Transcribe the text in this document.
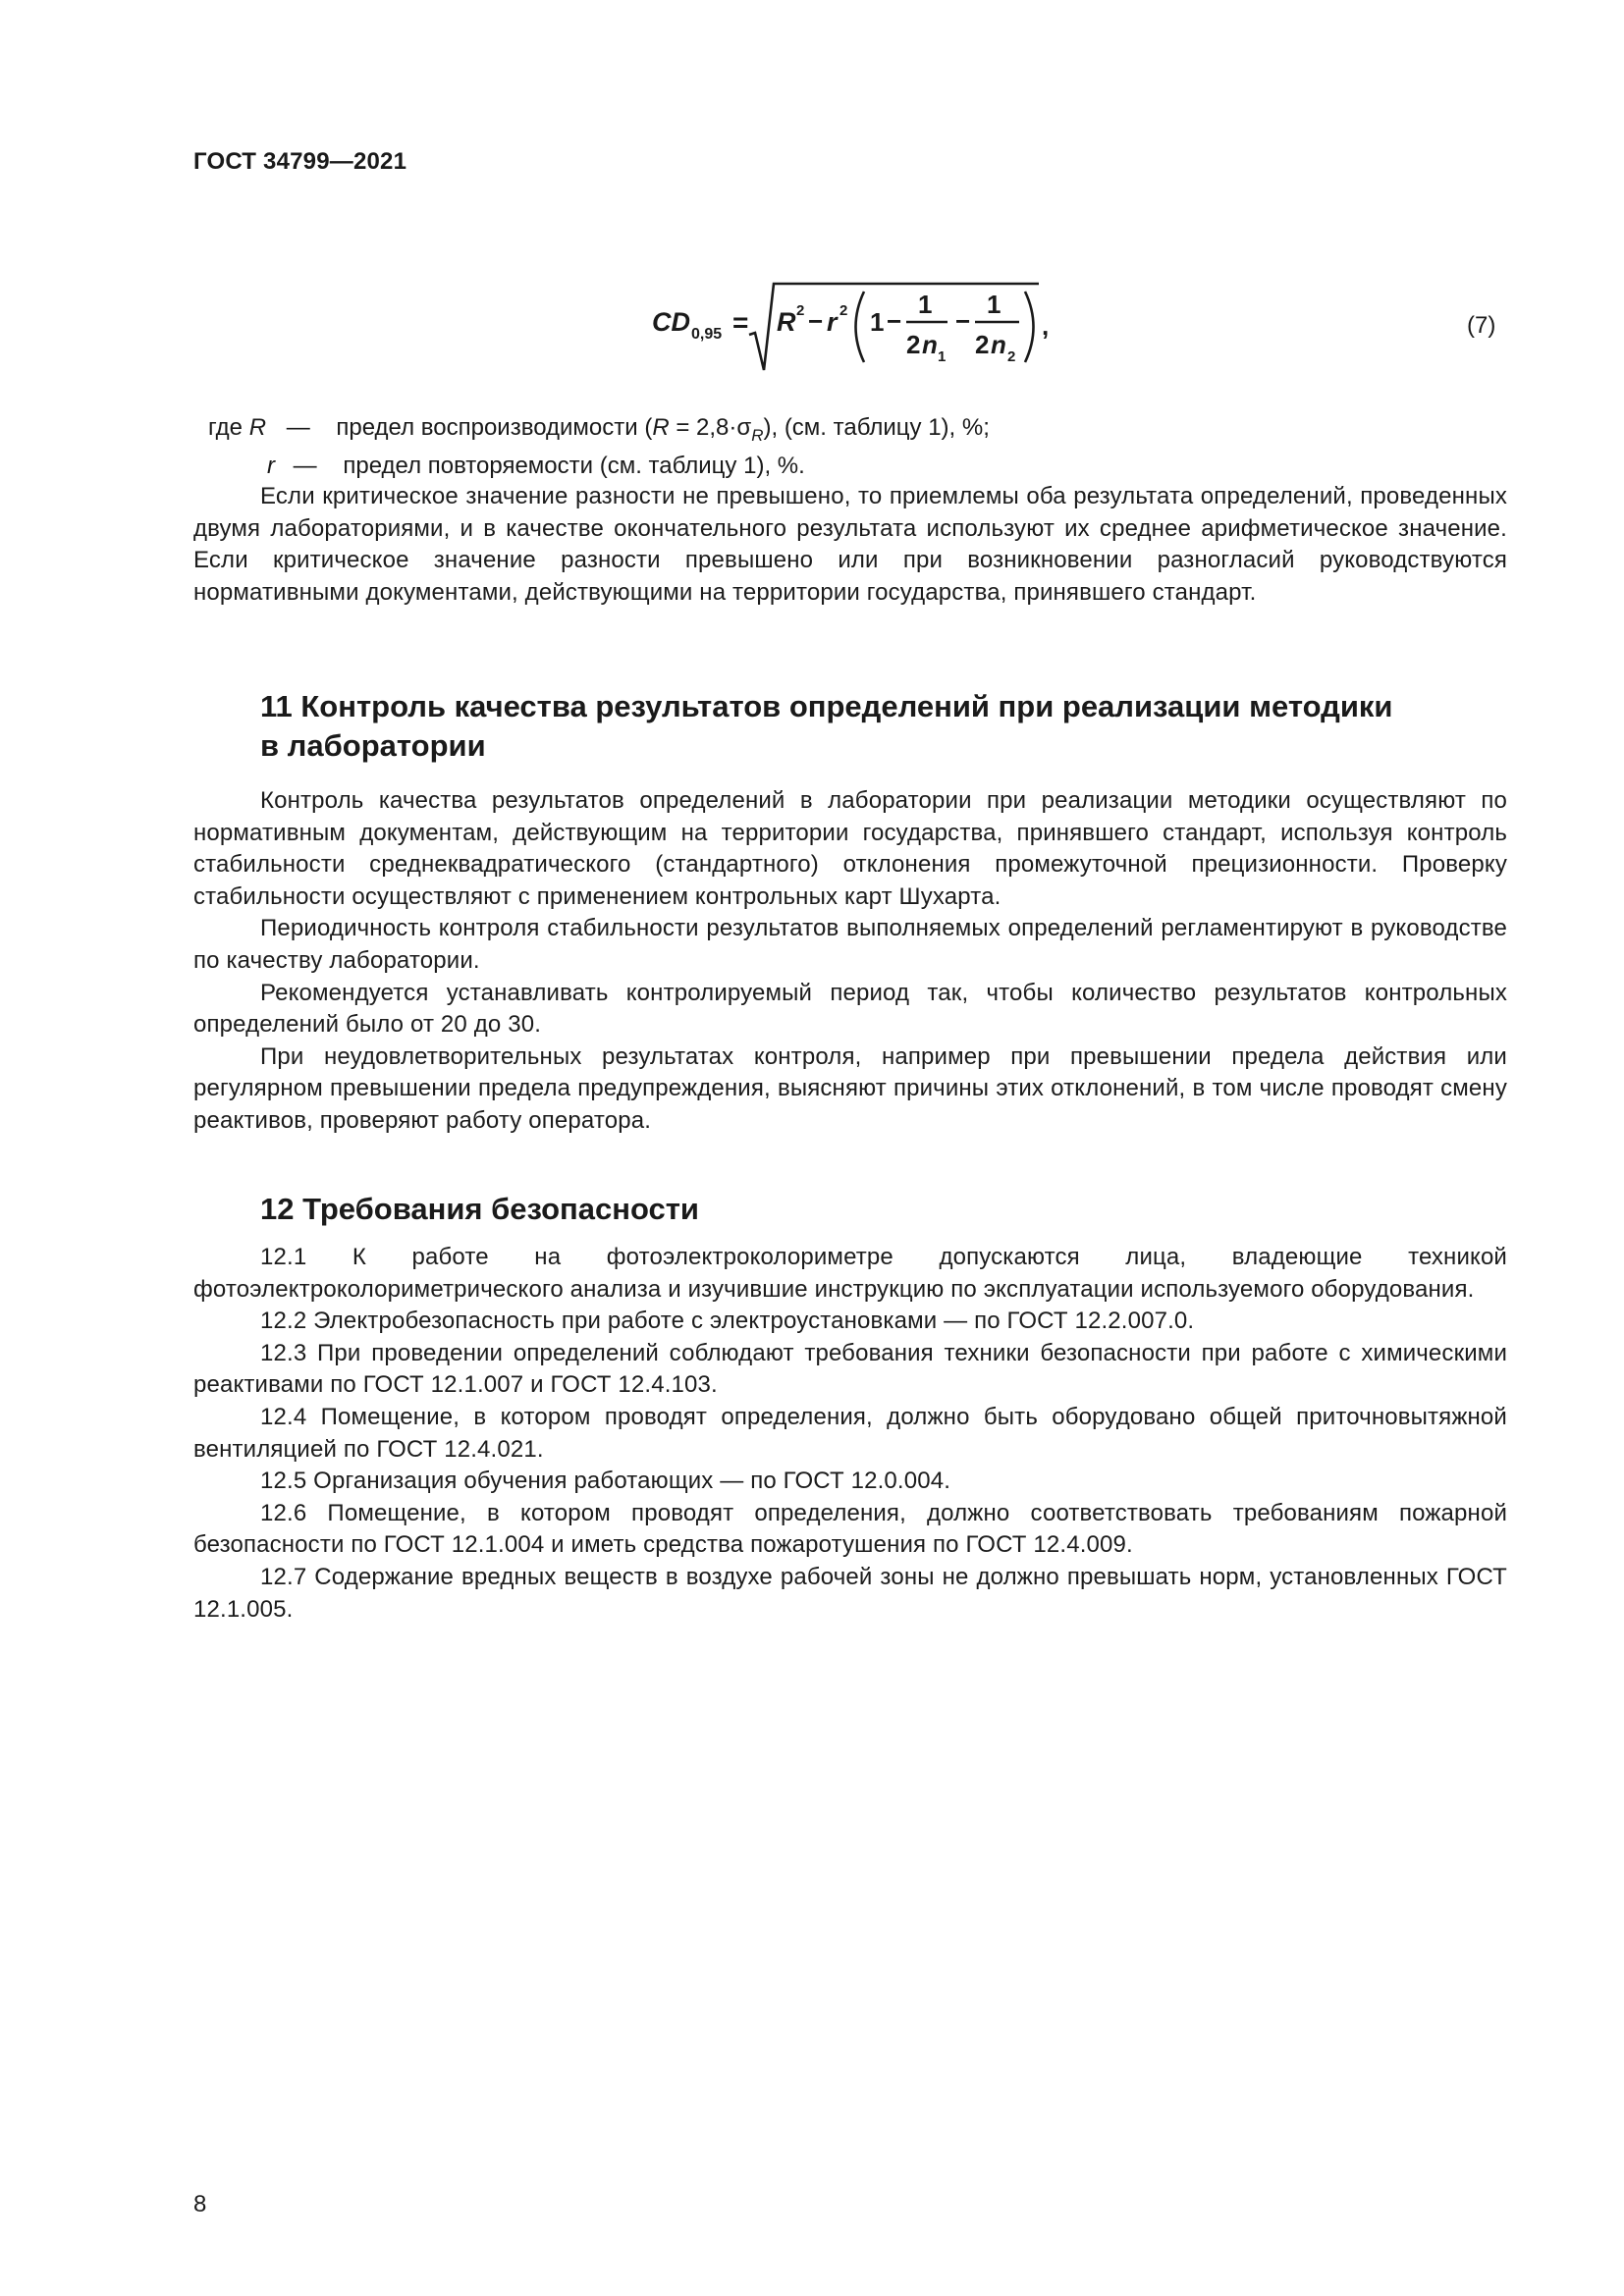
ГОСТ 34799—2021
CD 0,95 = R 2 − r 2 1 −
1
2 n 1
−
1
2 n 2
,	(7)
где R — предел воспроизводимости $(R = 2,8\cdot\sigma_R)$, (см. таблицу 1), %;
r — предел повторяемости (см. таблицу 1), %.

Если критическое значение разности не превышено, то приемлемы оба результата определений, проведенных двумя лабораториями, и в качестве окончательного результата используют их среднее арифметическое значение. Если критическое значение разности превышено или при возникновении разногласий руководствуются нормативными документами, действующими на территории государства, принявшего стандарт.

11 Контроль качества результатов определений при реализации методики
в лаборатории

Контроль качества результатов определений в лаборатории при реализации методики осуществляют по нормативным документам, действующим на территории государства, принявшего стандарт, используя контроль стабильности среднеквадратического (стандартного) отклонения промежуточной прецизионности. Проверку стабильности осуществляют с применением контрольных карт Шухарта.

Периодичность контроля стабильности результатов выполняемых определений регламентируют в руководстве по качеству лаборатории.

Рекомендуется устанавливать контролируемый период так, чтобы количество результатов контрольных определений было от 20 до 30.

При неудовлетворительных результатах контроля, например при превышении предела действия или регулярном превышении предела предупреждения, выясняют причины этих отклонений, в том числе проводят смену реактивов, проверяют работу оператора.

12 Требования безопасности

12.1 К работе на фотоэлектроколориметре допускаются лица, владеющие техникой фотоэлектроколориметрического анализа и изучившие инструкцию по эксплуатации используемого оборудования.

12.2 Электробезопасность при работе с электроустановками — по ГОСТ 12.2.007.0.

12.3 При проведении определений соблюдают требования техники безопасности при работе с химическими реактивами по ГОСТ 12.1.007 и ГОСТ 12.4.103.

12.4 Помещение, в котором проводят определения, должно быть оборудовано общей приточновытяжной вентиляцией по ГОСТ 12.4.021.

12.5 Организация обучения работающих — по ГОСТ 12.0.004.

12.6 Помещение, в котором проводят определения, должно соответствовать требованиям пожарной безопасности по ГОСТ 12.1.004 и иметь средства пожаротушения по ГОСТ 12.4.009.

12.7 Содержание вредных веществ в воздухе рабочей зоны не должно превышать норм, установленных ГОСТ 12.1.005.

8
